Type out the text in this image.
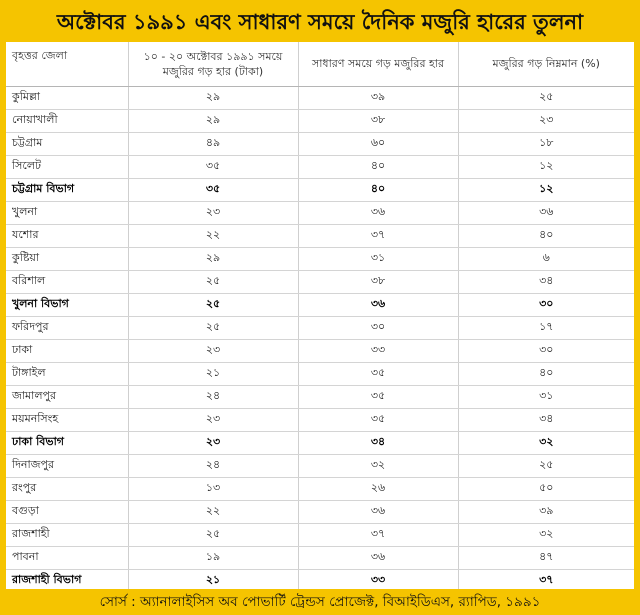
অক্টোবর ১৯৯১ এবং সাধারণ সময়ে দৈনিক মজুরি হারের তুলনা
বৃহত্তর জেলা	১০ - ২০ অক্টোবর ১৯৯১ সময়ে মজুরির গড় হার (টাকা)	সাধারণ সময়ে গড় মজুরির হার	মজুরির গড় নিম্নমান (%)
কুমিল্লা	২৯	৩৯	২৫
নোয়াখালী	২৯	৩৮	২৩
চট্টগ্রাম	৪৯	৬০	১৮
সিলেট	৩৫	৪০	১২
চট্টগ্রাম বিভাগ	৩৫	৪০	১২
খুলনা	২৩	৩৬	৩৬
যশোর	২২	৩৭	৪০
কুষ্টিয়া	২৯	৩১	৬
বরিশাল	২৫	৩৮	৩৪
খুলনা বিভাগ	২৫	৩৬	৩০
ফরিদপুর	২৫	৩০	১৭
ঢাকা	২৩	৩৩	৩০
টাঙ্গাইল	২১	৩৫	৪০
জামালপুর	২৪	৩৫	৩১
ময়মনসিংহ	২৩	৩৫	৩৪
ঢাকা বিভাগ	২৩	৩৪	৩২
দিনাজপুর	২৪	৩২	২৫
রংপুর	১৩	২৬	৫০
বগুড়া	২২	৩৬	৩৯
রাজশাহী	২৫	৩৭	৩২
পাবনা	১৯	৩৬	৪৭
রাজশাহী বিভাগ	২১	৩৩	৩৭

সোর্স : অ্যানালাইসিস অব পোভার্টি ট্রেন্ডস প্রোজেক্ট, বিআইডিএস, র‍্যাপিড, ১৯৯১
